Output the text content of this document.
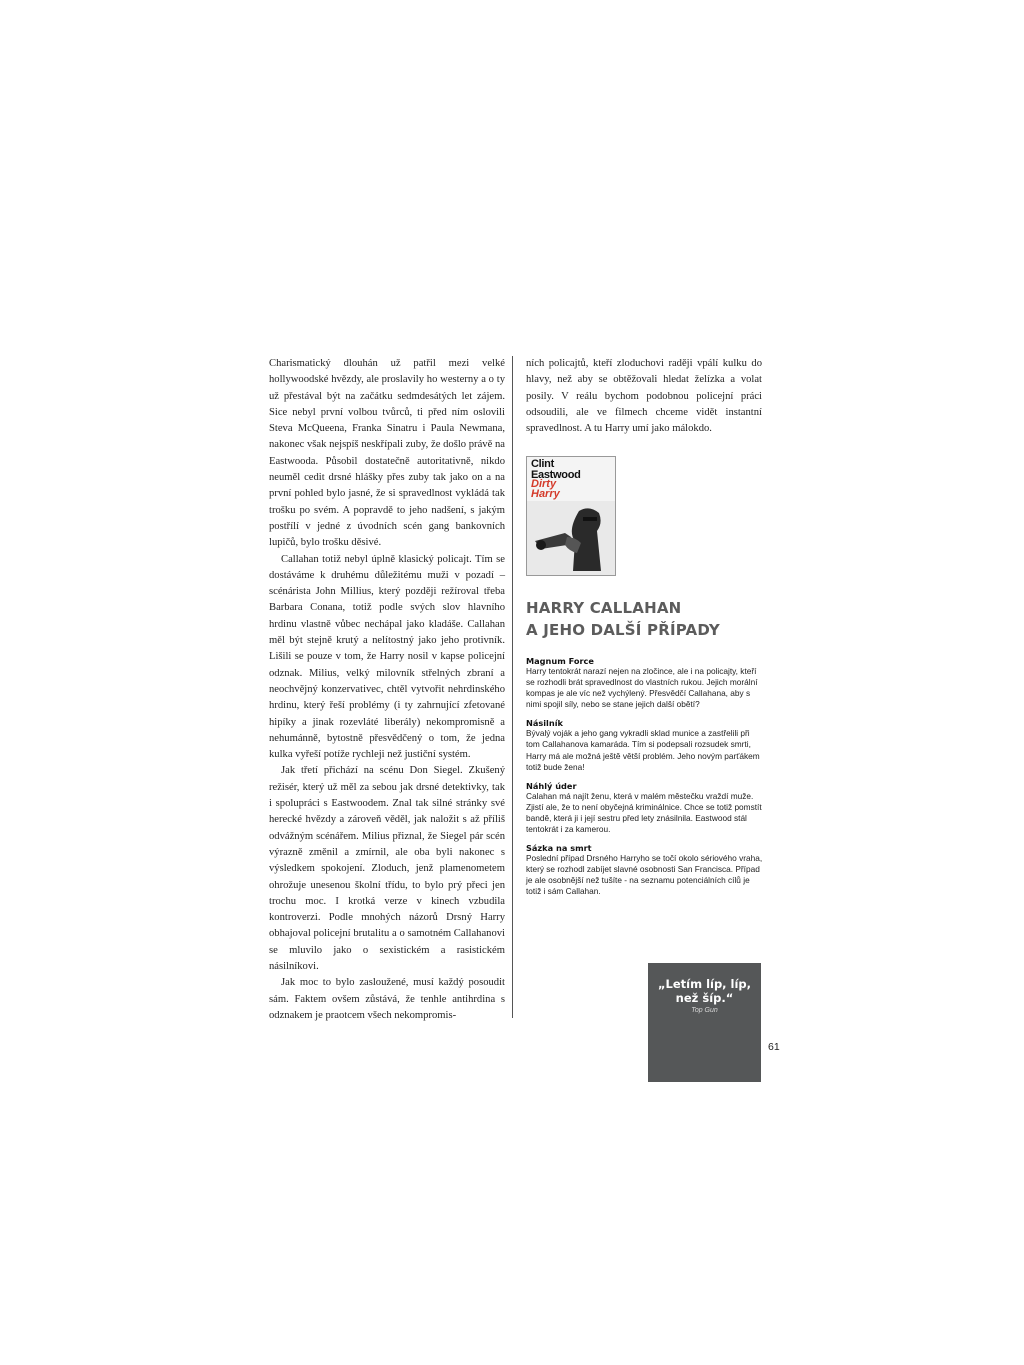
Charismatický dlouhán už patřil mezi velké hollywoodské hvězdy, ale proslavily ho westerny a o ty už přestával být na začátku sedmdesátých let zájem. Sice nebyl první volbou tvůrců, ti před ním oslovili Steva McQueena, Franka Sinatru i Paula Newmana, nakonec však nejspíš neskřípali zuby, že došlo právě na Eastwooda. Působil dostatečně autoritativně, nikdo neuměl cedit drsné hlášky přes zuby tak jako on a na první pohled bylo jasné, že si spravedlnost vykládá tak trošku po svém. A popravdě to jeho nadšení, s jakým postřílí v jedné z úvodních scén gang bankovních lupičů, bylo trošku děsivé.

Callahan totiž nebyl úplně klasický policajt. Tím se dostáváme k druhému důležitému muži v pozadí – scénárista John Millius, který později režíroval třeba Barbara Conana, totiž podle svých slov hlavního hrdinu vlastně vůbec nechápal jako kladáše. Callahan měl být stejně krutý a nelítostný jako jeho protivník. Lišili se pouze v tom, že Harry nosil v kapse policejní odznak. Milius, velký milovník střelných zbraní a neochvějný konzervativec, chtěl vytvořit nehrdinského hrdinu, který řeší problémy (i ty zahrnující zfetované hipíky a jinak rozevláté liberály) nekompromisně a nehumánně, bytostně přesvědčený o tom, že jedna kulka vyřeší potíže rychleji než justiční systém.

Jak třetí přichází na scénu Don Siegel. Zkušený režisér, který už měl za sebou jak drsné detektivky, tak i spolupráci s Eastwoodem. Znal tak silné stránky své herecké hvězdy a zároveň věděl, jak naložit s až příliš odvážným scénářem. Milius přiznal, že Siegel pár scén výrazně změnil a zmírnil, ale oba byli nakonec s výsledkem spokojení. Zloduch, jenž plamenometem ohrožuje unesenou školní třídu, to bylo prý přeci jen trochu moc. I krotká verze v kinech vzbudila kontroverzi. Podle mnohých názorů Drsný Harry obhajoval policejní brutalitu a o samotném Callahanovi se mluvilo jako o sexistickém a rasistickém násilníkovi.

Jak moc to bylo zasloužené, musí každý posoudit sám. Faktem ovšem zůstává, že tenhle antihrdina s odznakem je praotcem všech nekompromis-

ních policajtů, kteří zloduchovi raději vpálí kulku do hlavy, než aby se obtěžovali hledat želízka a volat posily. V reálu bychom podobnou policejní práci odsoudili, ale ve filmech chceme vidět instantní spravedlnost. A tu Harry umí jako málokdo.

Clint
Eastwood
Dirty
Harry
HARRY CALLAHAN
A JEHO DALŠÍ PŘÍPADY
Magnum Force

Harry tentokrát narazí nejen na zločince, ale i na policajty, kteří se rozhodli brát spravedlnost do vlastních rukou. Jejich morální kompas je ale víc než vychýlený. Přesvědčí Callahana, aby s nimi spojil síly, nebo se stane jejich další obětí?

Násilník

Bývalý voják a jeho gang vykradli sklad munice a zastřelili při tom Callahanova kamaráda. Tím si podepsali rozsudek smrti, Harry má ale možná ještě větší problém. Jeho novým parťákem totiž bude žena!

Náhlý úder

Calahan má najít ženu, která v malém městečku vraždí muže. Zjistí ale, že to není obyčejná kriminálnice. Chce se totiž pomstít bandě, která ji i její sestru před lety znásilnila. Eastwood stál tentokrát i za kamerou.

Sázka na smrt

Poslední případ Drsného Harryho se točí okolo sériového vraha, který se rozhodl zabíjet slavné osobnosti San Francisca. Případ je ale osobnější než tušíte - na seznamu potenciálních cílů je totiž i sám Callahan.

„Letím líp, líp,
než šíp.“
Top Gun
61
